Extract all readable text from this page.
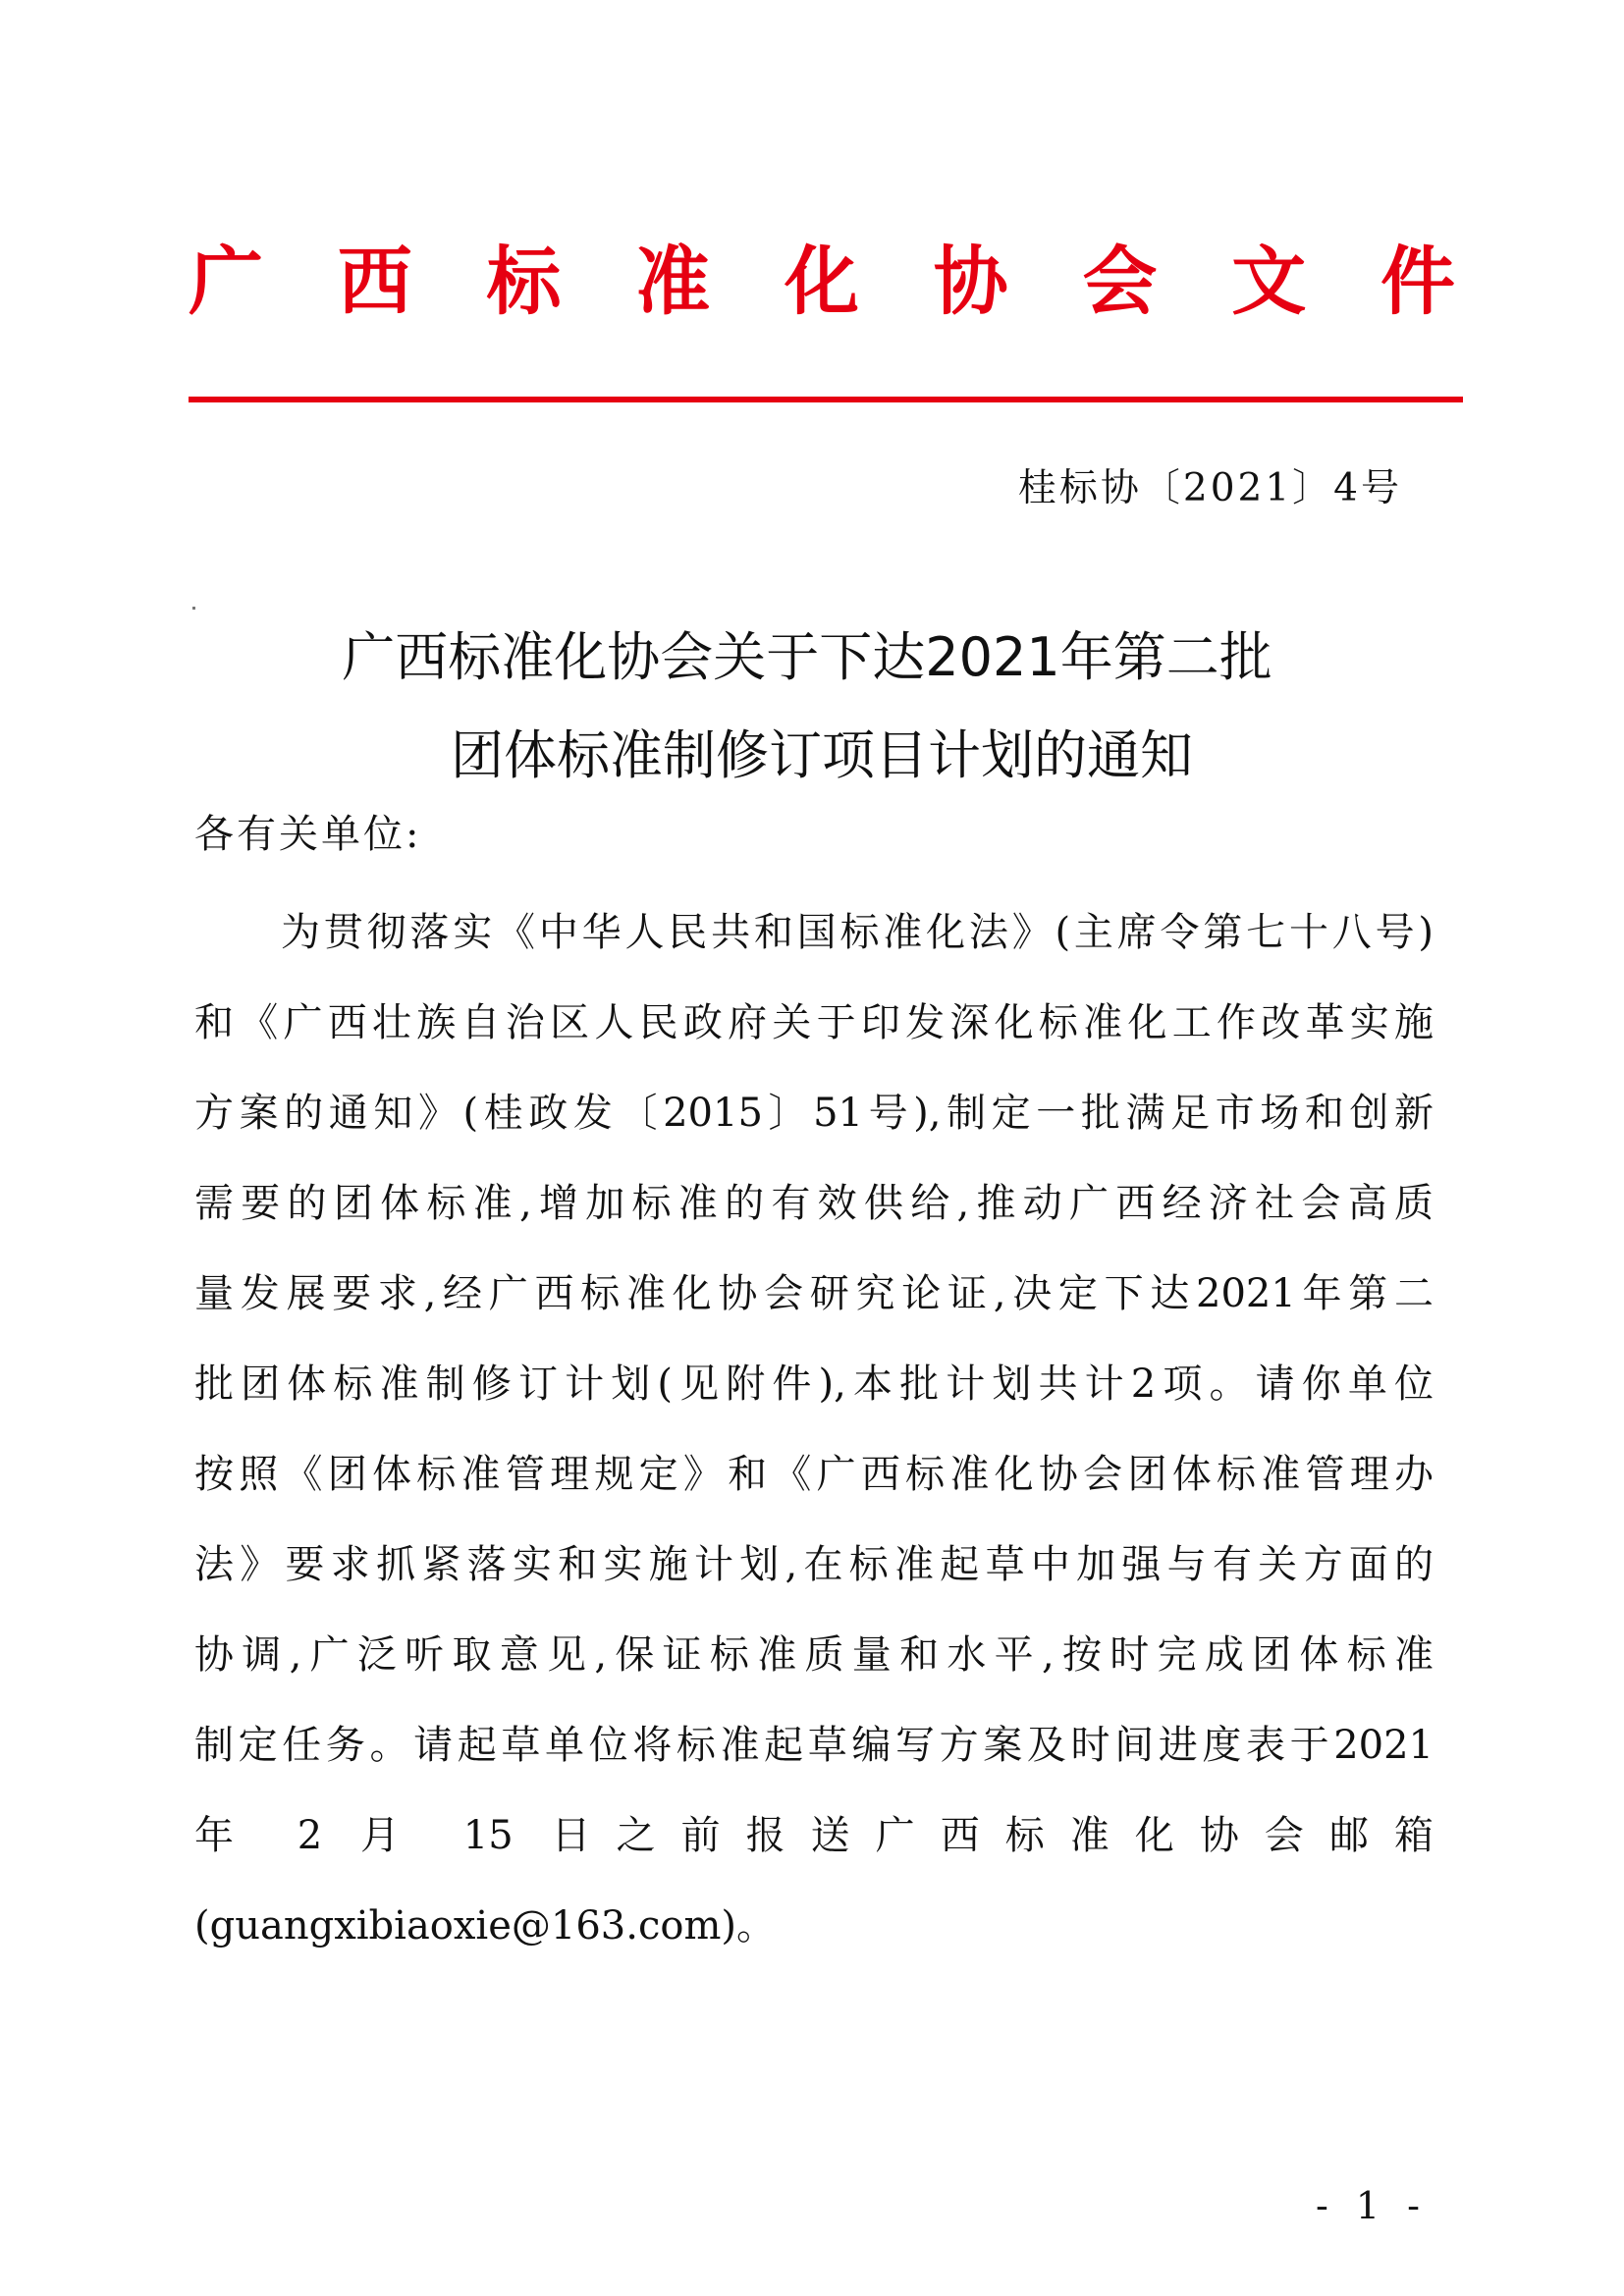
广 西 标 准 化 协 会 文 件
桂标协〔2021〕4号
广西标准化协会关于下达2021年第二批
团体标准制修订项目计划的通知
各有关单位:
为贯彻落实《中华人民共和国标准化法》(主席令第七十八号)
和《广西壮族自治区人民政府关于印发深化标准化工作改革实施
方案的通知》(桂政发〔2015〕51号),制定一批满足市场和创新
需要的团体标准,增加标准的有效供给,推动广西经济社会高质
量发展要求,经广西标准化协会研究论证,决定下达2021年第二
批团体标准制修订计划(见附件),本批计划共计2项。请你单位
按照《团体标准管理规定》和《广西标准化协会团体标准管理办
法》要求抓紧落实和实施计划,在标准起草中加强与有关方面的
协调,广泛听取意见,保证标准质量和水平,按时完成团体标准
制定任务。请起草单位将标准起草编写方案及时间进度表于2021
年 2 月 15 日之前报送广西标准化协会邮箱
(guangxibiaoxie@163.com)。
- 1 -
